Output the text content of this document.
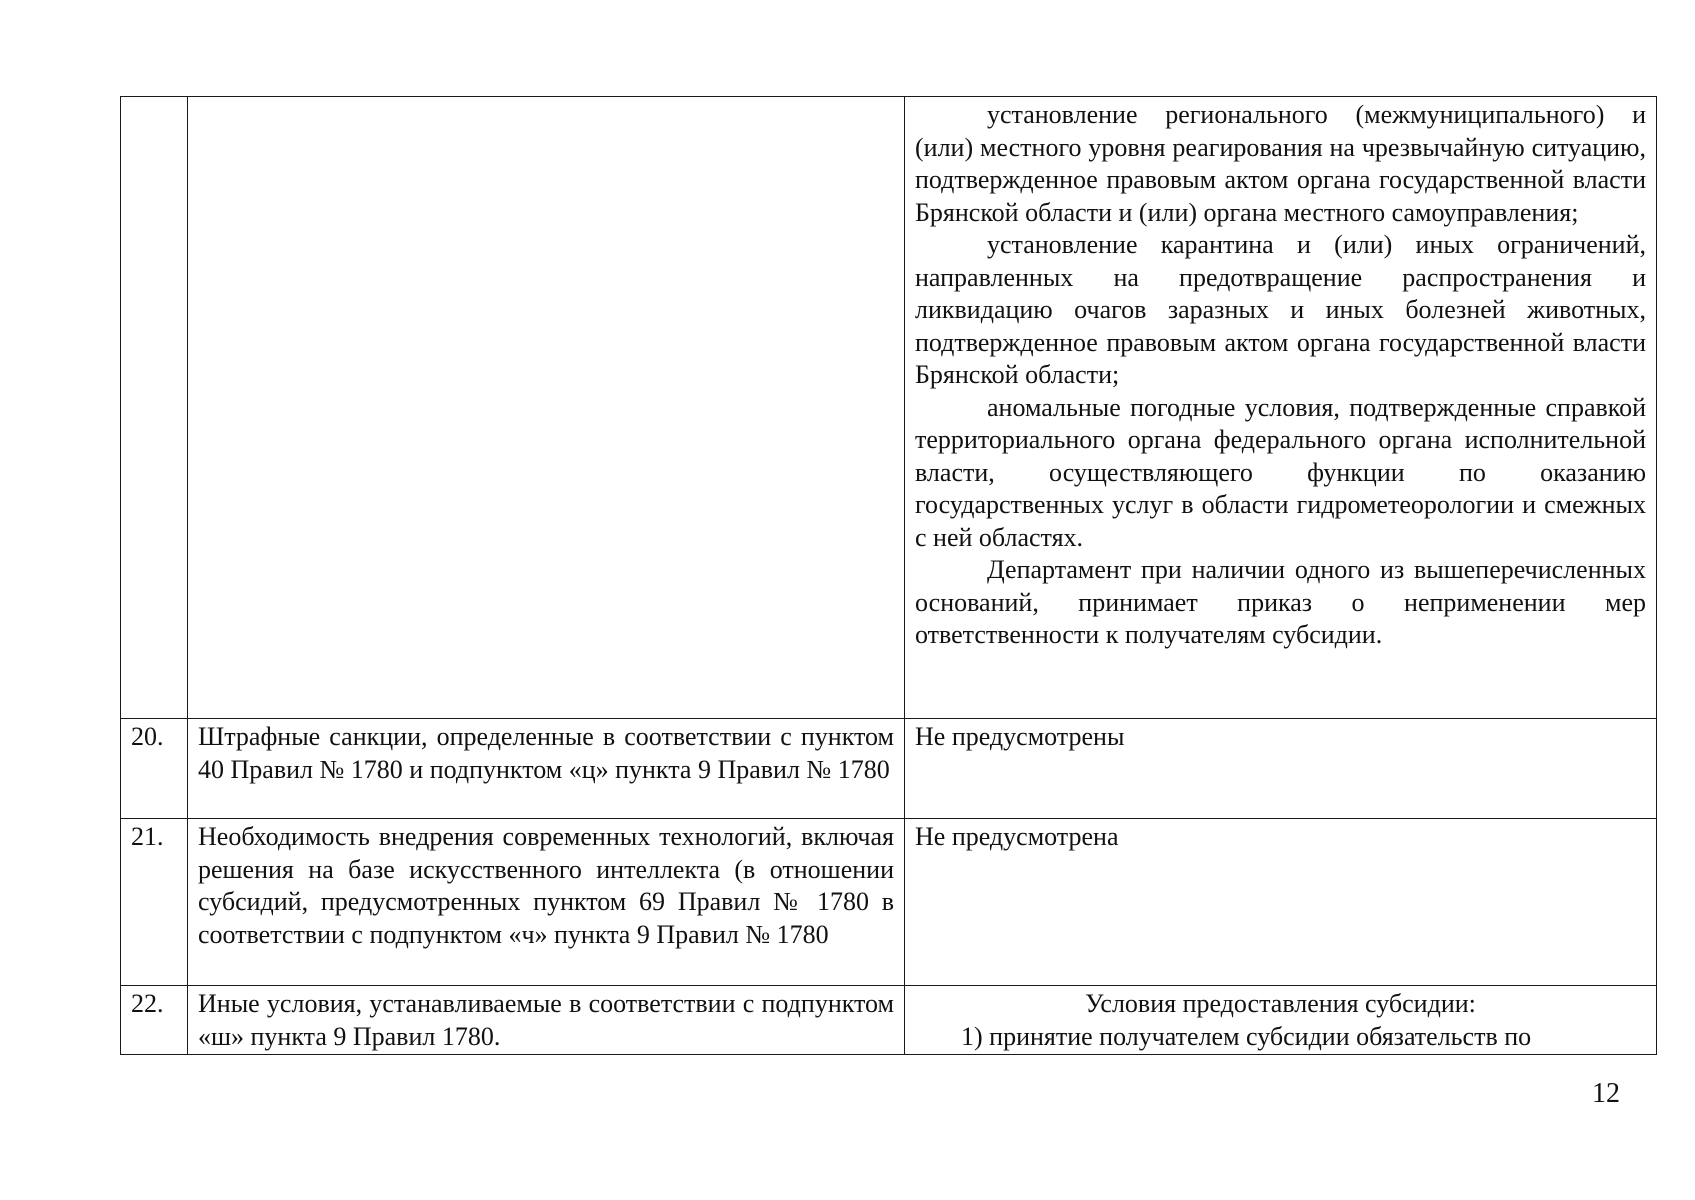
		установление регионального (межмуниципального) и (или) местного уровня реагирования на чрезвычайную ситуацию, подтвержденное правовым актом органа государственной власти Брянской области и (или) органа местного самоуправления;

установление карантина и (или) иных ограничений, направленных на предотвращение распространения и ликвидацию очагов заразных и иных болезней животных, подтвержденное правовым актом органа государственной власти Брянской области;

аномальные погодные условия, подтвержденные справкой территориального органа федерального органа исполнительной власти, осуществляющего функции по оказанию государственных услуг в области гидрометеорологии и смежных с ней областях.

Департамент при наличии одного из вышеперечисленных оснований, принимает приказ о неприменении мер ответственности к получателям субсидии.

20.	Штрафные санкции, определенные в соответствии с пунктом 40 Правил № 1780 и подпунктом «ц» пункта 9 Правил № 1780	Не предусмотрены
21.	Необходимость внедрения современных технологий, включая решения на базе искусственного интеллекта (в отношении субсидий, предусмотренных пунктом 69 Правил № 1780 в соответствии с подпунктом «ч» пункта 9 Правил № 1780	Не предусмотрена
22.	Иные условия, устанавливаемые в соответствии с подпунктом «ш» пункта 9 Правил 1780.	Условия предоставления субсидии:

1) принятие получателем субсидии обязательств по

12
